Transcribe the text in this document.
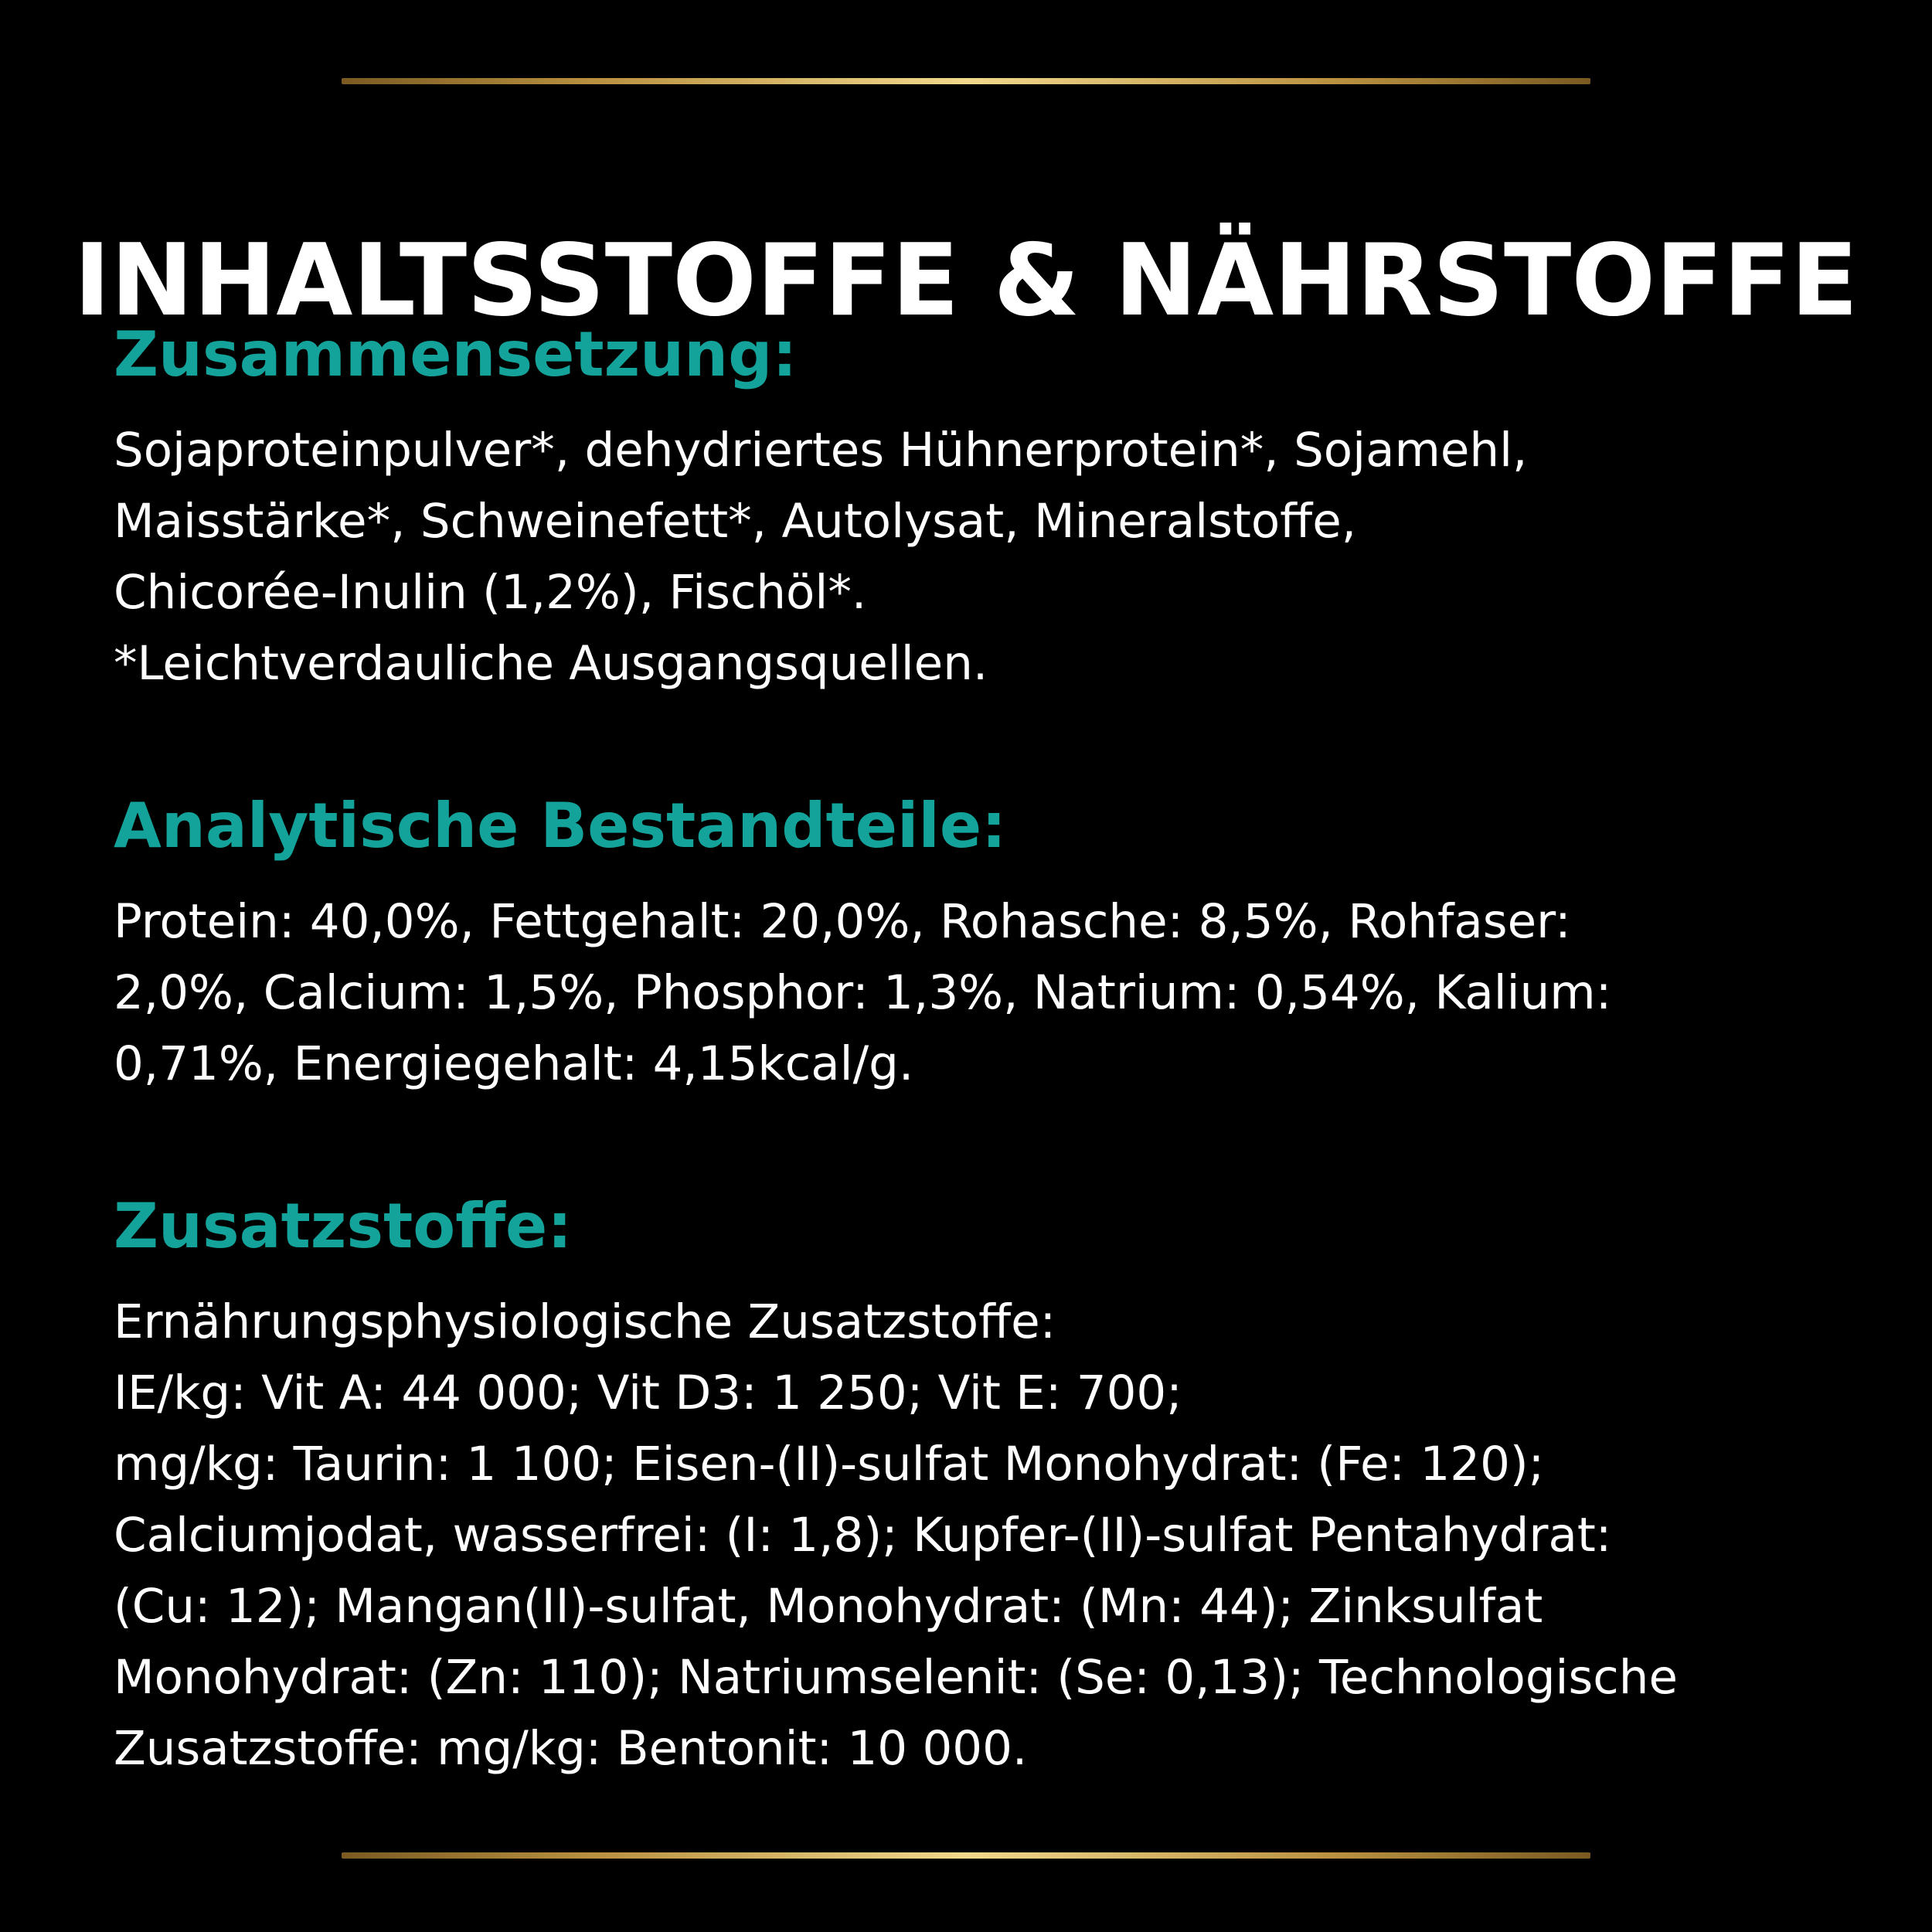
INHALTSSTOFFE & NÄHRSTOFFE
Zusammensetzung:

Sojaproteinpulver*, dehydriertes Hühnerprotein*, Sojamehl,
Maisstärke*, Schweinefett*, Autolysat, Mineralstoffe,
Chicorée-Inulin (1,2%), Fischöl*.
*Leichtverdauliche Ausgangsquellen.

Analytische Bestandteile:

Protein: 40,0%, Fettgehalt: 20,0%, Rohasche: 8,5%, Rohfaser:
2,0%, Calcium: 1,5%, Phosphor: 1,3%, Natrium: 0,54%, Kalium:
0,71%, Energiegehalt: 4,15kcal/g.

Zusatzstoffe:

Ernährungsphysiologische Zusatzstoffe:
IE/kg: Vit A: 44 000; Vit D3: 1 250; Vit E: 700;
mg/kg: Taurin: 1 100; Eisen-(II)-sulfat Monohydrat: (Fe: 120);
Calciumjodat, wasserfrei: (I: 1,8); Kupfer-(II)-sulfat Pentahydrat:
(Cu: 12); Mangan(II)-sulfat, Monohydrat: (Mn: 44); Zinksulfat
Monohydrat: (Zn: 110); Natriumselenit: (Se: 0,13); Technologische
Zusatzstoffe: mg/kg: Bentonit: 10 000.
